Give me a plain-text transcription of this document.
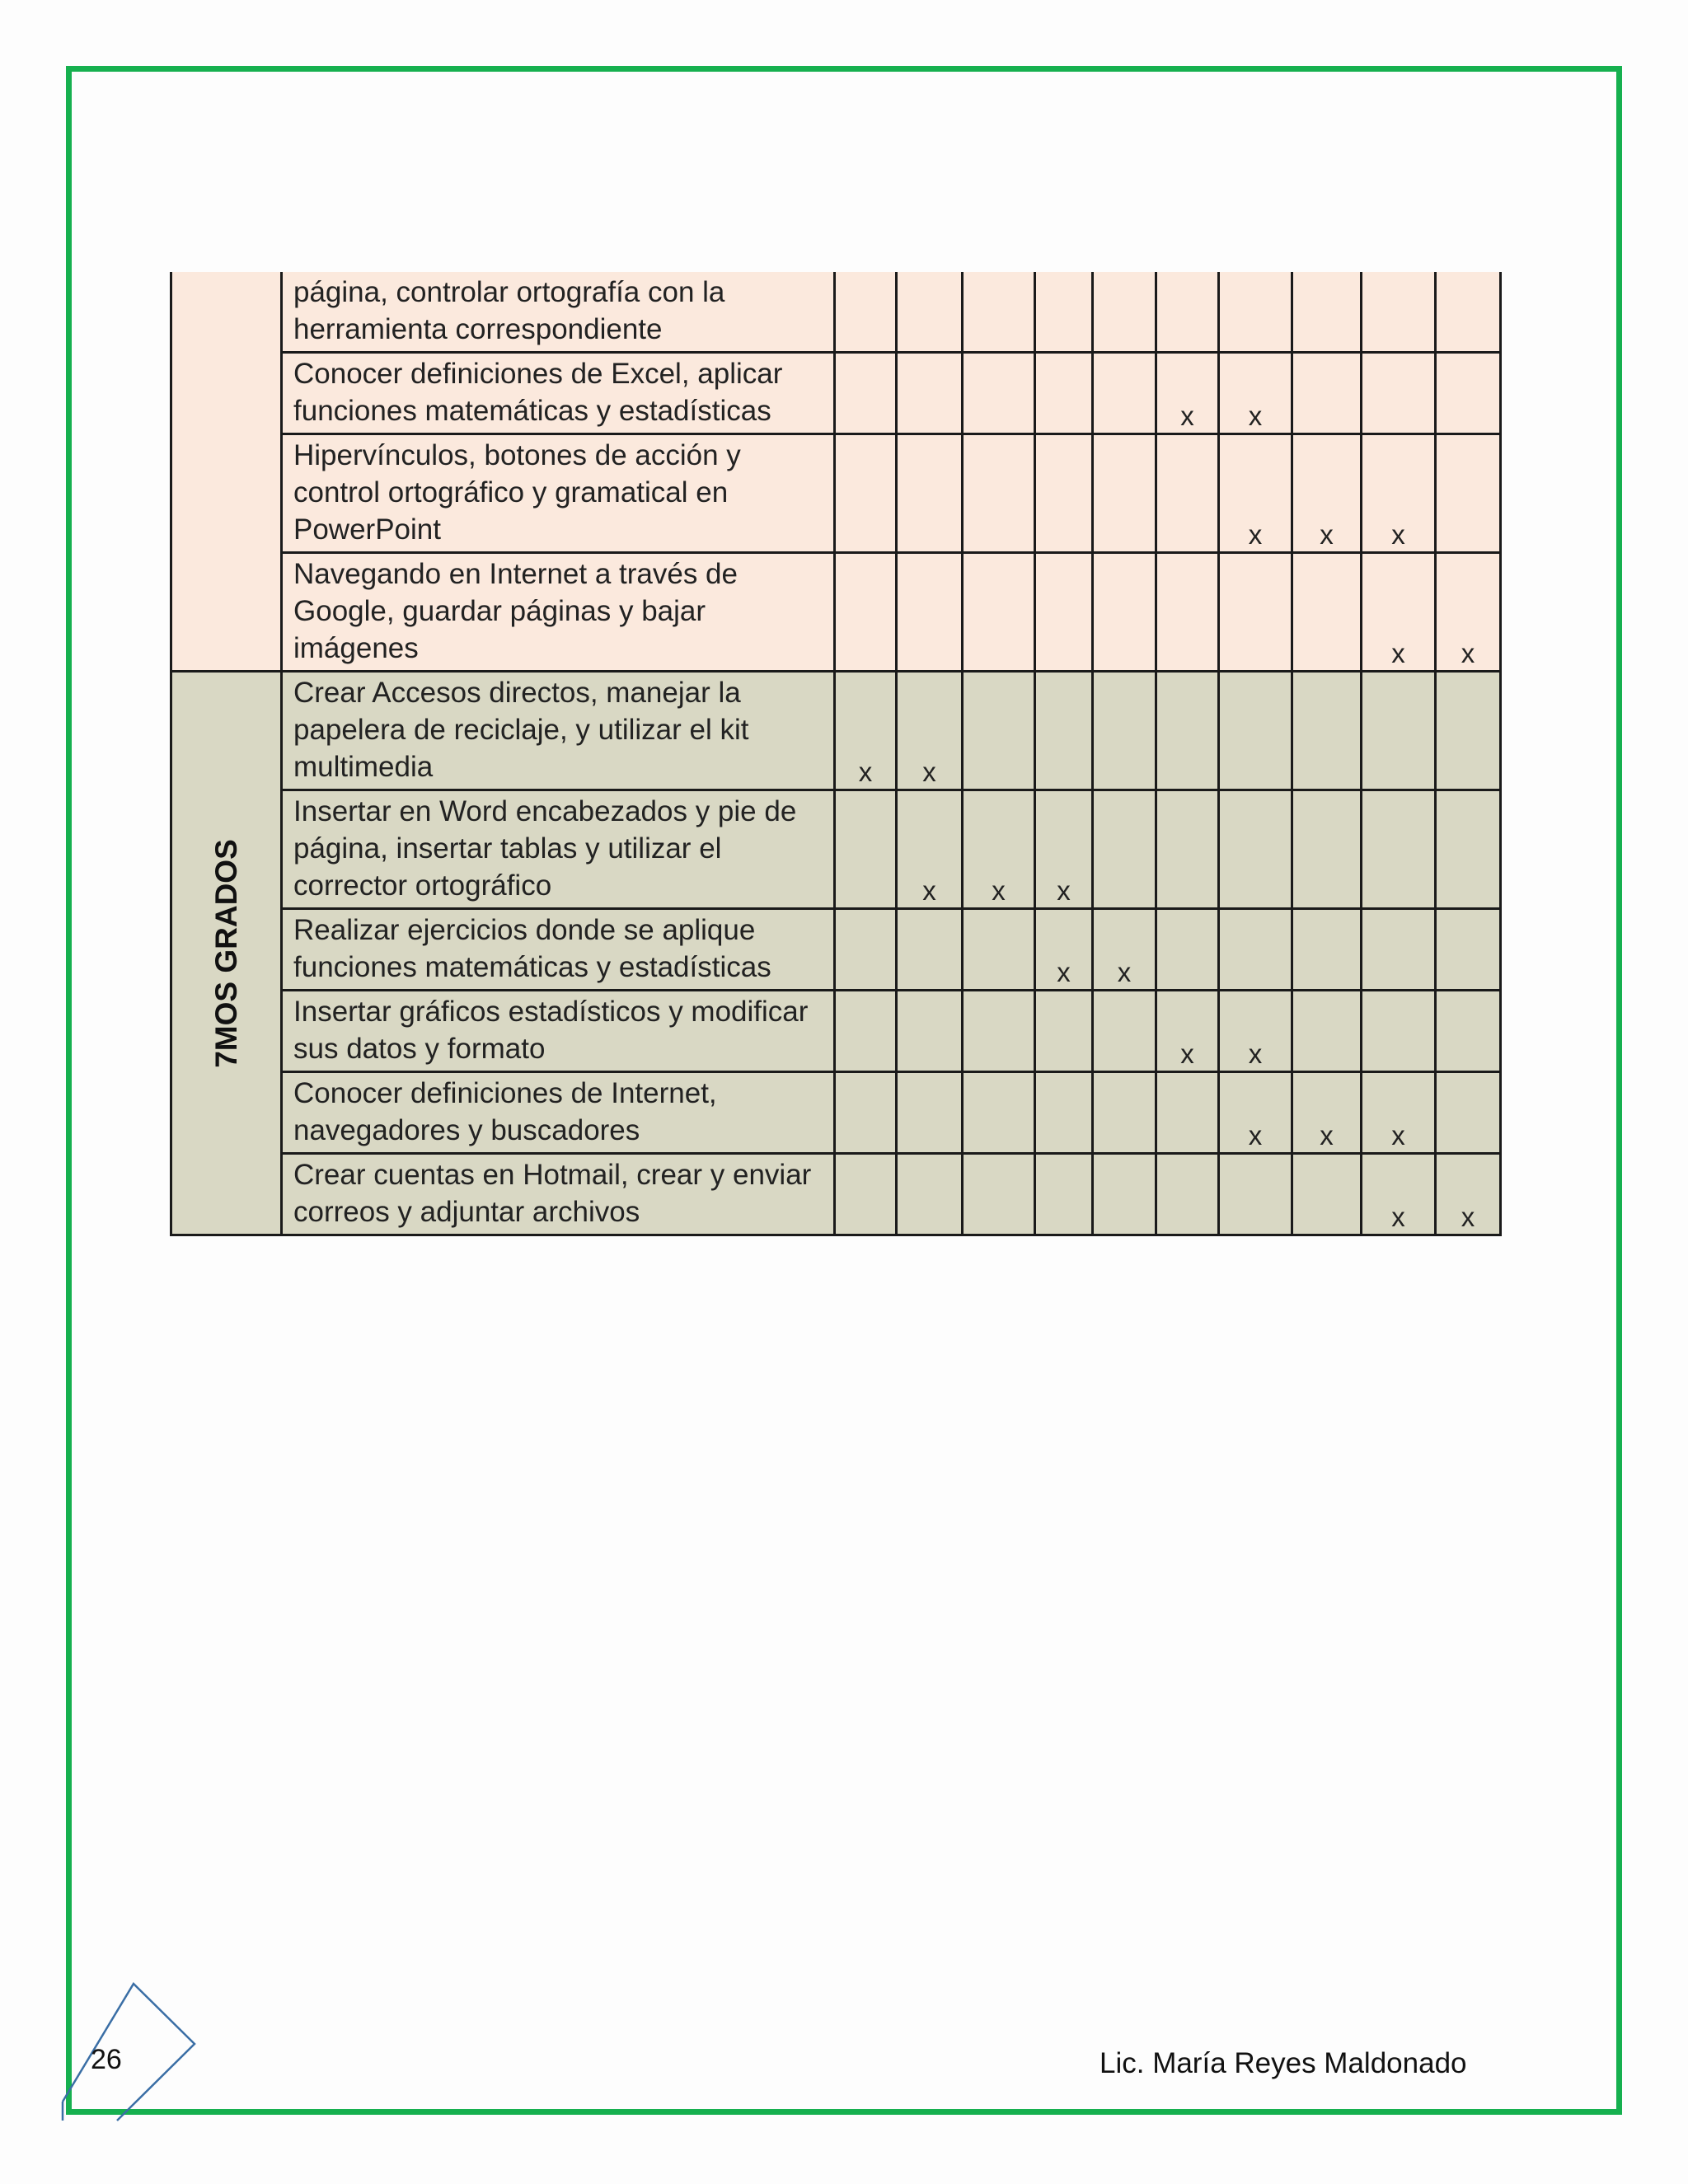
	página, controlar ortografía con la herramienta correspondiente										
	Conocer definiciones de Excel, aplicar funciones matemáticas y estadísticas						x	x			
	Hipervínculos, botones de acción y control ortográfico y gramatical en PowerPoint							x	x	x	
	Navegando en Internet a través de Google, guardar páginas y bajar imágenes									x	x

7MOS GRADOS	Crear Accesos directos, manejar la papelera de reciclaje, y utilizar el kit multimedia	x	x								
	Insertar en Word encabezados y pie de página, insertar tablas y utilizar el corrector ortográfico		x	x	x						
	Realizar ejercicios donde se aplique funciones matemáticas y estadísticas				x	x					
	Insertar gráficos estadísticos y modificar sus datos y formato						x	x			
	Conocer definiciones de Internet, navegadores y buscadores							x	x	x	
	Crear cuentas en Hotmail, crear y enviar correos y adjuntar archivos									x	x
26	Lic. María Reyes Maldonado
